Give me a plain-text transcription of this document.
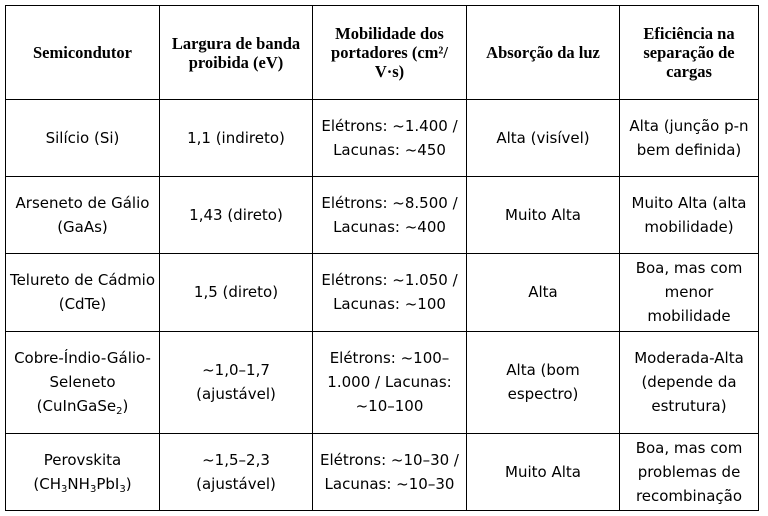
Semicondutor	Largura de banda proibida (eV)	Mobilidade dos portadores (cm²/ V·s)	Absorção da luz	Eficiência na separação de cargas
Silício (Si)	1,1 (indireto)	Elétrons: ~1.400 / Lacunas: ~450	Alta (visível)	Alta (junção p-n bem definida)
Arseneto de Gálio (GaAs)	1,43 (direto)	Elétrons: ~8.500 / Lacunas: ~400	Muito Alta	Muito Alta (alta mobilidade)
Telureto de Cádmio (CdTe)	1,5 (direto)	Elétrons: ~1.050 / Lacunas: ~100	Alta	Boa, mas com menor mobilidade
Cobre-Índio-Gálio-Seleneto (CuInGaSe$_2$)	~1,0–1,7 (ajustável)	Elétrons: ~100–1.000 / Lacunas: ~10–100	Alta (bom espectro)	Moderada-Alta (depende da estrutura)
Perovskita $(CH_3NH_3PbI_3)$	~1,5–2,3 (ajustável)	Elétrons: ~10–30 / Lacunas: ~10–30	Muito Alta	Boa, mas com problemas de recombinação
